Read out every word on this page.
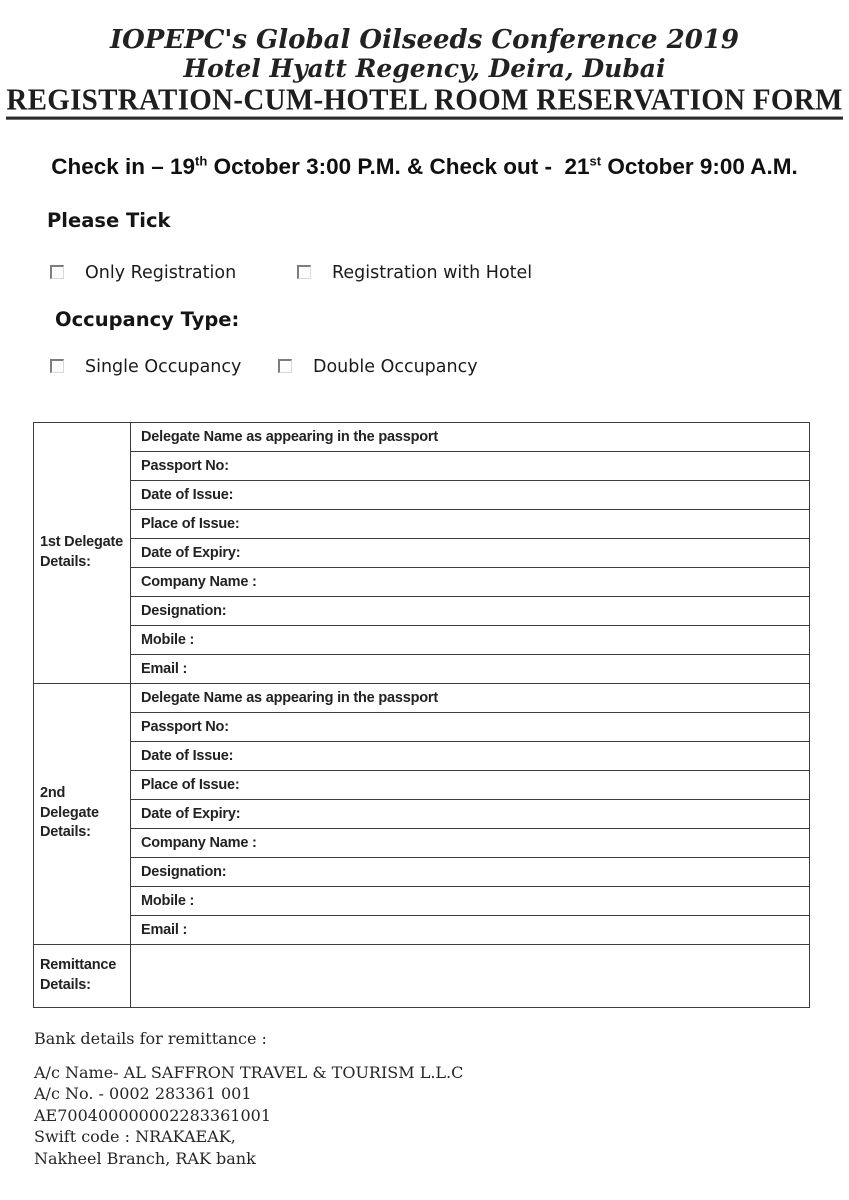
IOPEPC's Global Oilseeds Conference 2019
Hotel Hyatt Regency, Deira, Dubai
REGISTRATION-CUM-HOTEL ROOM RESERVATION FORM
Check in – 19th October 3:00 P.M. & Check out -  21st October 9:00 A.M.
Please Tick
Only Registration	Registration with Hotel
Occupancy Type:
Single Occupancy	Double Occupancy
1st Delegate Details:	Delegate Name as appearing in the passport
	Passport No:
	Date of Issue:
	Place of Issue:
	Date of Expiry:
	Company Name :
	Designation:
	Mobile :
	Email :
2nd Delegate Details:	Delegate Name as appearing in the passport
	Passport No:
	Date of Issue:
	Place of Issue:
	Date of Expiry:
	Company Name :
	Designation:
	Mobile :
	Email :
Remittance Details:	
Bank details for remittance :
A/c Name- AL SAFFRON TRAVEL & TOURISM L.L.C
A/c No. - 0002 283361 001
AE700400000002283361001
Swift code : NRAKAEAK,
Nakheel Branch, RAK bank
